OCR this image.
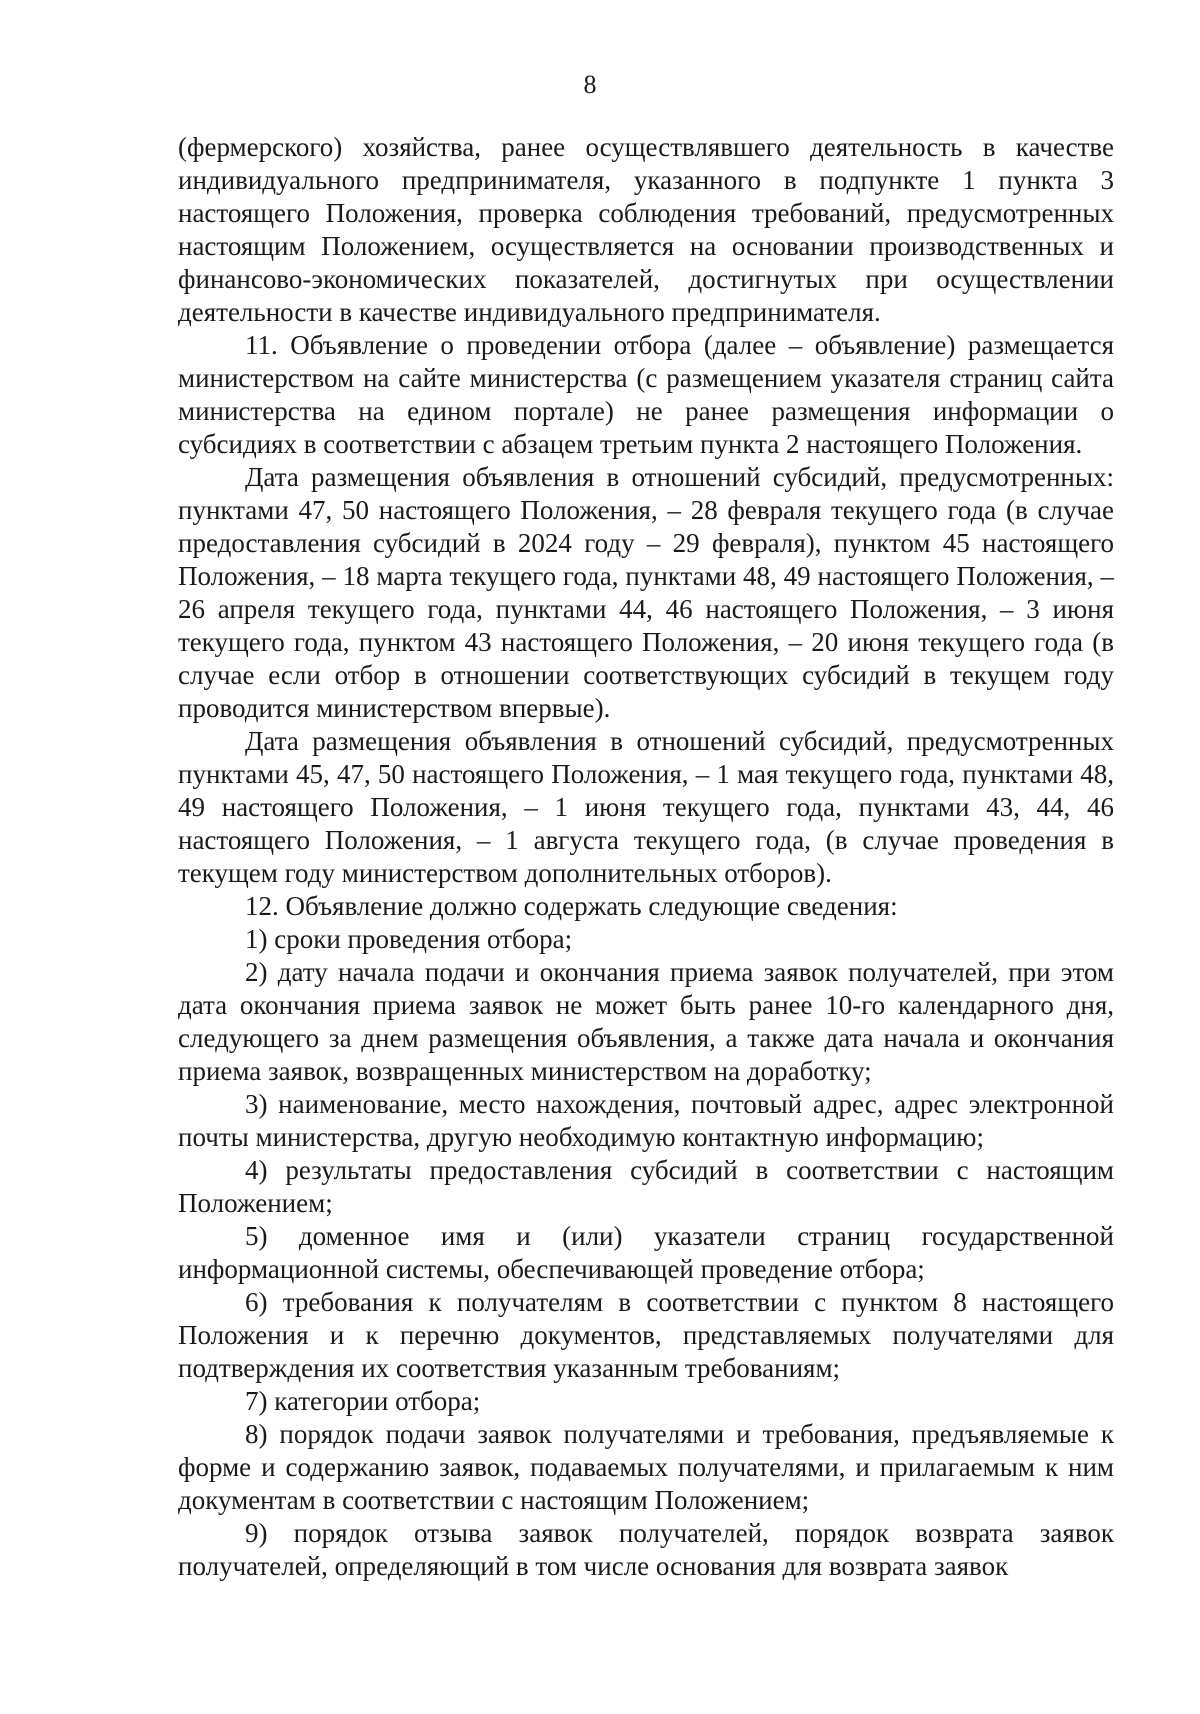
8

(фермерского) хозяйства, ранее осуществлявшего деятельность в качестве индивидуального предпринимателя, указанного в подпункте 1 пункта 3 настоящего Положения, проверка соблюдения требований, предусмотренных настоящим Положением, осуществляется на основании производственных и финансово-экономических показателей, достигнутых при осуществлении деятельности в качестве индивидуального предпринимателя.

11. Объявление о проведении отбора (далее – объявление) размещается министерством на сайте министерства (с размещением указателя страниц сайта министерства на едином портале) не ранее размещения информации о субсидиях в соответствии с абзацем третьим пункта 2 настоящего Положения.

Дата размещения объявления в отношений субсидий, предусмотренных: пунктами 47, 50 настоящего Положения, – 28 февраля текущего года (в случае предоставления субсидий в 2024 году – 29 февраля), пунктом 45 настоящего Положения, – 18 марта текущего года, пунктами 48, 49 настоящего Положения, – 26 апреля текущего года, пунктами 44, 46 настоящего Положения, – 3 июня текущего года, пунктом 43 настоящего Положения, – 20 июня текущего года (в случае если отбор в отношении соответствующих субсидий в текущем году проводится министерством впервые).

Дата размещения объявления в отношений субсидий, предусмотренных пунктами 45, 47, 50 настоящего Положения, – 1 мая текущего года, пунктами 48, 49 настоящего Положения, – 1 июня текущего года, пунктами 43, 44, 46 настоящего Положения, – 1 августа текущего года, (в случае проведения в текущем году министерством дополнительных отборов).

12. Объявление должно содержать следующие сведения:

1) сроки проведения отбора;

2) дату начала подачи и окончания приема заявок получателей, при этом дата окончания приема заявок не может быть ранее 10-го календарного дня, следующего за днем размещения объявления, а также дата начала и окончания приема заявок, возвращенных министерством на доработку;

3) наименование, место нахождения, почтовый адрес, адрес электронной почты министерства, другую необходимую контактную информацию;

4) результаты предоставления субсидий в соответствии с настоящим Положением;

5) доменное имя и (или) указатели страниц государственной информационной системы, обеспечивающей проведение отбора;

6) требования к получателям в соответствии с пунктом 8 настоящего Положения и к перечню документов, представляемых получателями для подтверждения их соответствия указанным требованиям;

7) категории отбора;

8) порядок подачи заявок получателями и требования, предъявляемые к форме и содержанию заявок, подаваемых получателями, и прилагаемым к ним документам в соответствии с настоящим Положением;

9) порядок отзыва заявок получателей, порядок возврата заявок получателей, определяющий в том числе основания для возврата заявок
